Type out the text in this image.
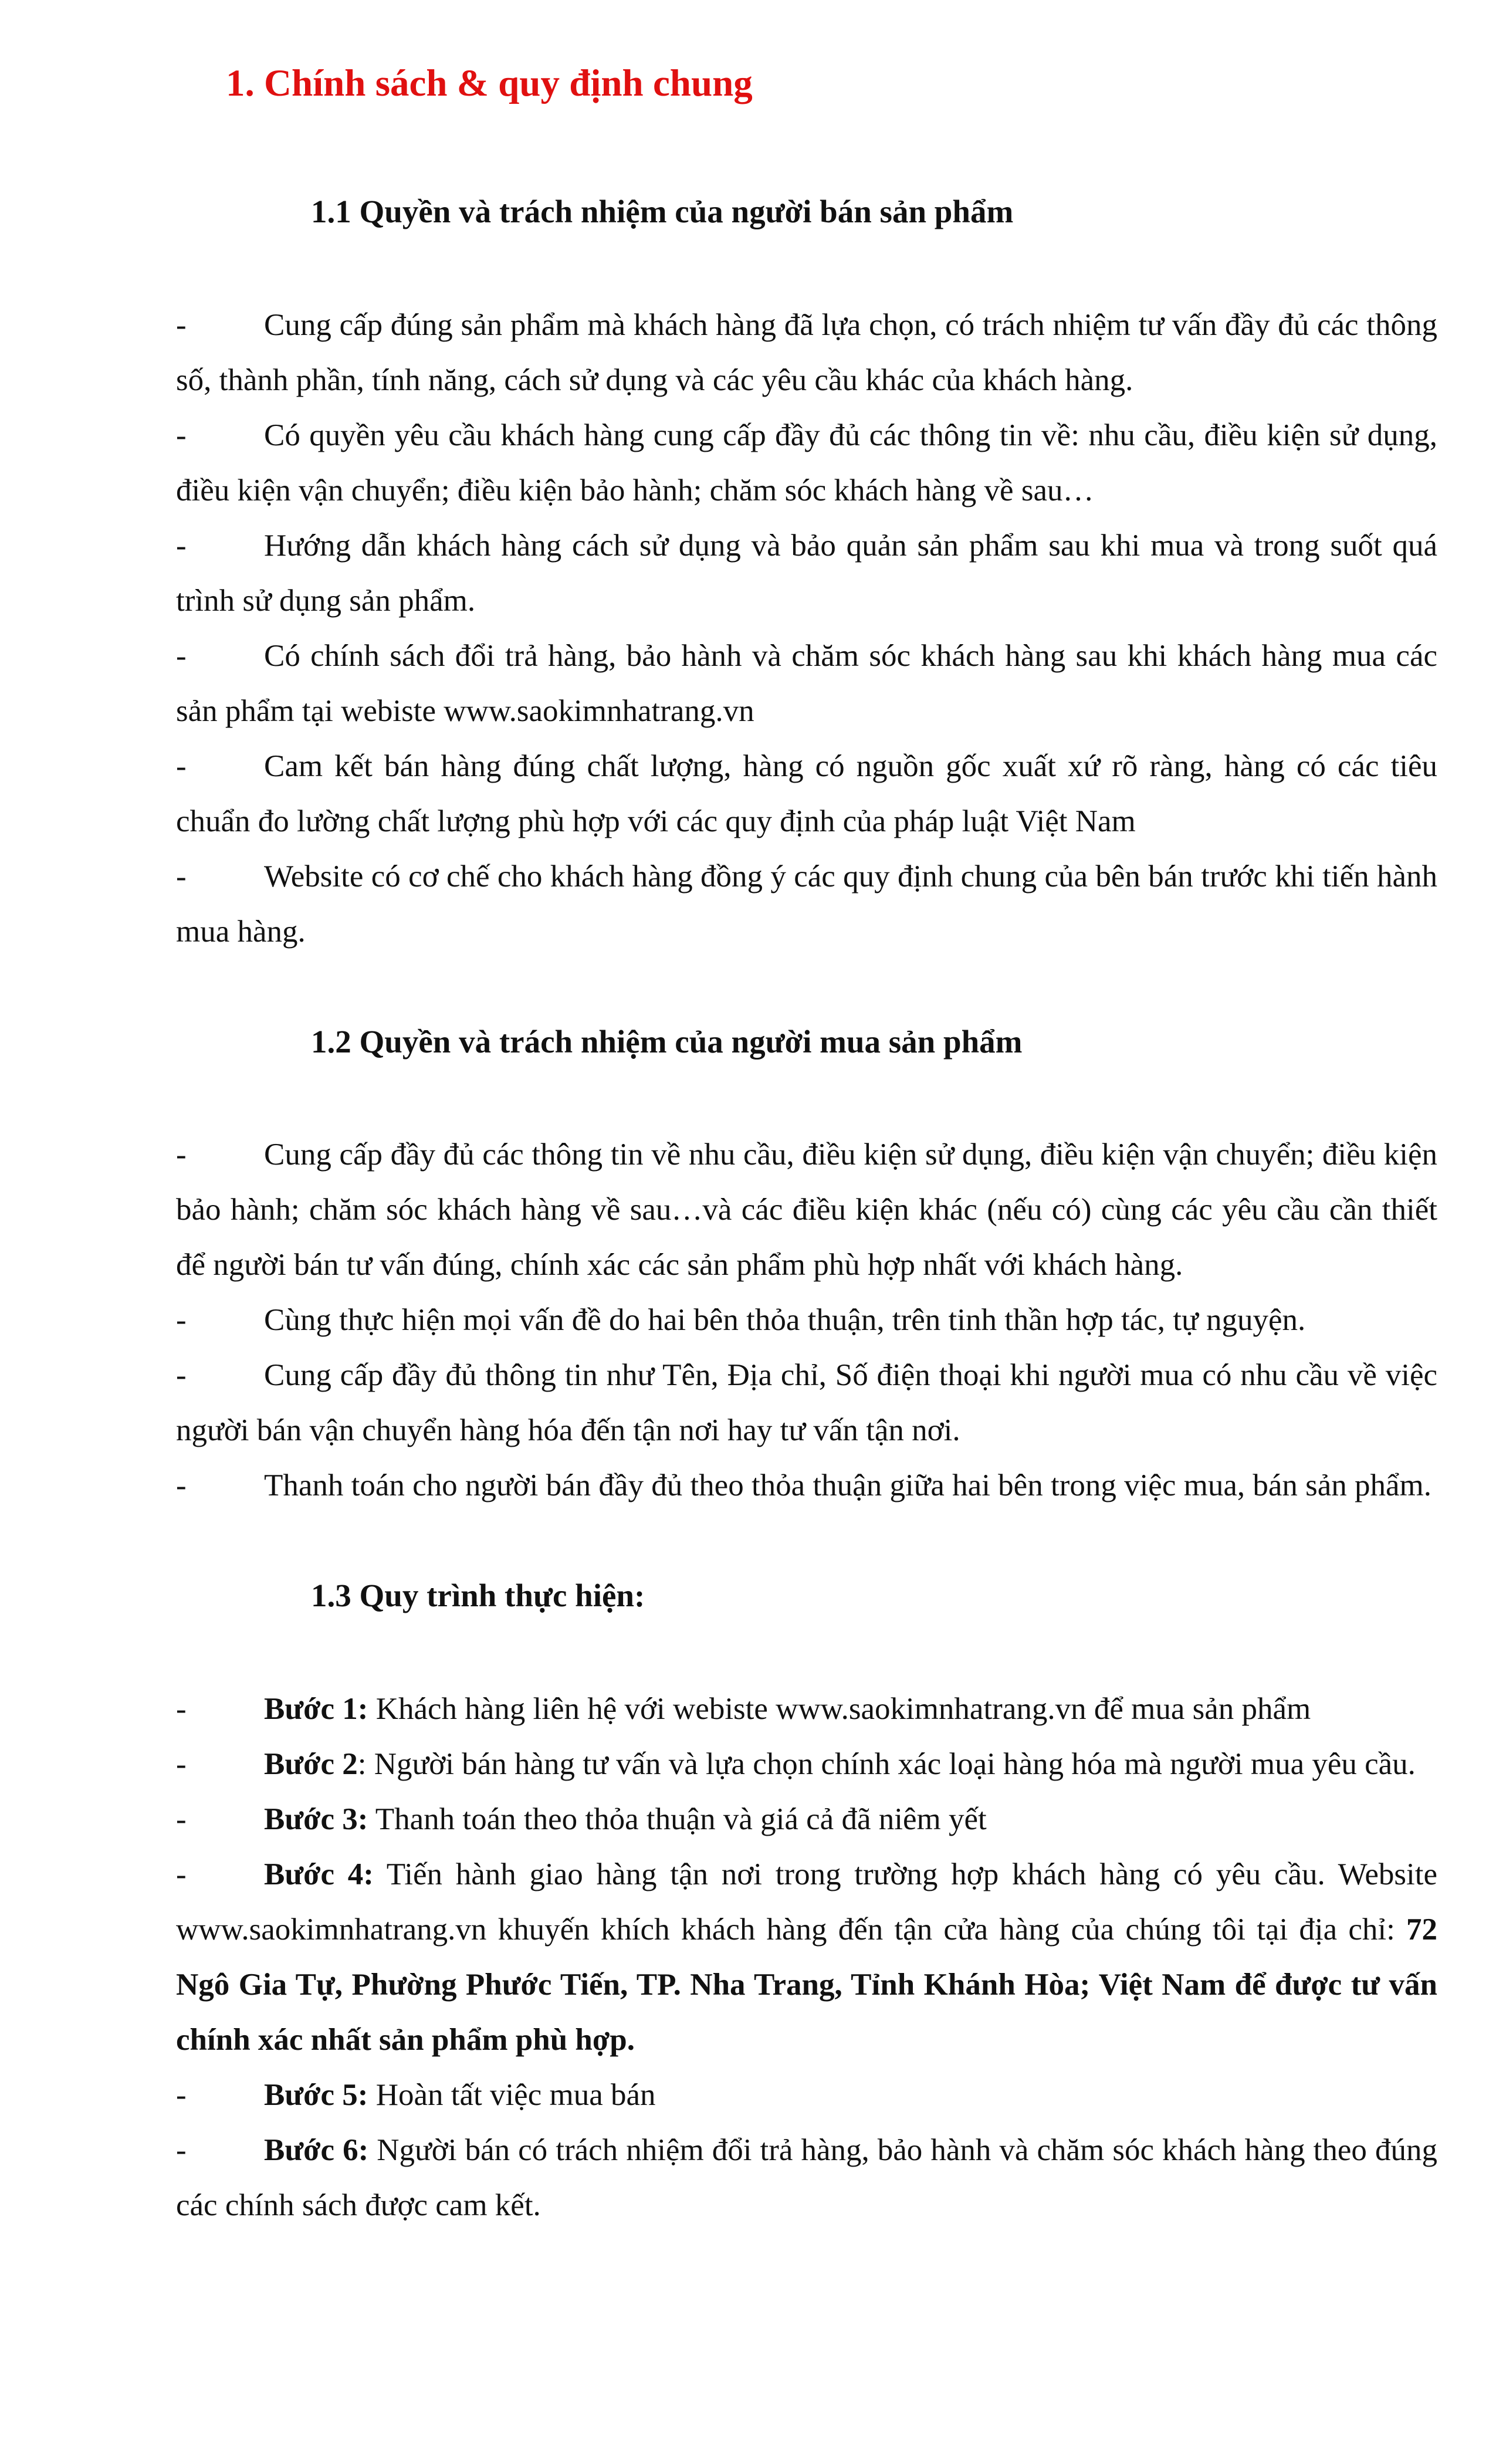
1. Chính sách & quy định chung
1.1 Quyền và trách nhiệm của người bán sản phẩm
- Cung cấp đúng sản phẩm mà khách hàng đã lựa chọn, có trách nhiệm tư vấn đầy đủ các thông số, thành phần, tính năng, cách sử dụng và các yêu cầu khác của khách hàng.
- Có quyền yêu cầu khách hàng cung cấp đầy đủ các thông tin về: nhu cầu, điều kiện sử dụng, điều kiện vận chuyển; điều kiện bảo hành; chăm sóc khách hàng về sau…
- Hướng dẫn khách hàng cách sử dụng và bảo quản sản phẩm sau khi mua và trong suốt quá trình sử dụng sản phẩm.
- Có chính sách đổi trả hàng, bảo hành và chăm sóc khách hàng sau khi khách hàng mua các sản phẩm tại webiste www.saokimnhatrang.vn
- Cam kết bán hàng đúng chất lượng, hàng có nguồn gốc xuất xứ rõ ràng, hàng có các tiêu chuẩn đo lường chất lượng phù hợp với các quy định của pháp luật Việt Nam
- Website có cơ chế cho khách hàng đồng ý các quy định chung của bên bán trước khi tiến hành mua hàng.
1.2 Quyền và trách nhiệm của người mua sản phẩm
- Cung cấp đầy đủ các thông tin về nhu cầu, điều kiện sử dụng, điều kiện vận chuyển; điều kiện bảo hành; chăm sóc khách hàng về sau…và các điều kiện khác (nếu có) cùng các yêu cầu cần thiết để người bán tư vấn đúng, chính xác các sản phẩm phù hợp nhất với khách hàng.
- Cùng thực hiện mọi vấn đề do hai bên thỏa thuận, trên tinh thần hợp tác, tự nguyện.
- Cung cấp đầy đủ thông tin như Tên, Địa chỉ, Số điện thoại khi người mua có nhu cầu về việc người bán vận chuyển hàng hóa đến tận nơi hay tư vấn tận nơi.
- Thanh toán cho người bán đầy đủ theo thỏa thuận giữa hai bên trong việc mua, bán sản phẩm.
1.3 Quy trình thực hiện:
- Bước 1: Khách hàng liên hệ với webiste www.saokimnhatrang.vn để mua sản phẩm
- Bước 2: Người bán hàng tư vấn và lựa chọn chính xác loại hàng hóa mà người mua yêu cầu.
- Bước 3: Thanh toán theo thỏa thuận và giá cả đã niêm yết
- Bước 4: Tiến hành giao hàng tận nơi trong trường hợp khách hàng có yêu cầu. Website www.saokimnhatrang.vn khuyến khích khách hàng đến tận cửa hàng của chúng tôi tại địa chỉ: 72 Ngô Gia Tự, Phường Phước Tiến, TP. Nha Trang, Tỉnh Khánh Hòa; Việt Nam để được tư vấn chính xác nhất sản phẩm phù hợp.
- Bước 5: Hoàn tất việc mua bán
- Bước 6: Người bán có trách nhiệm đổi trả hàng, bảo hành và chăm sóc khách hàng theo đúng các chính sách được cam kết.
